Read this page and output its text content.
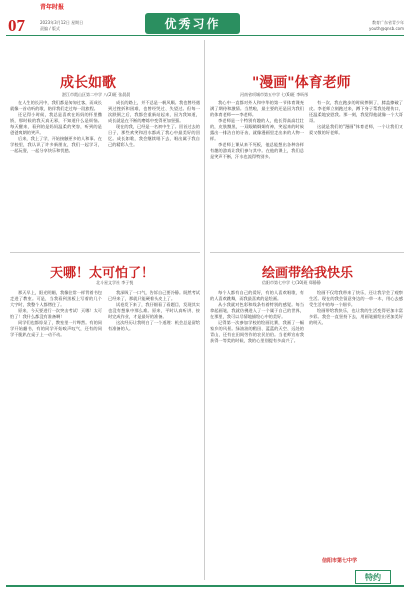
青年时报
07	2023年3月12日 星期日
责编 / 版式	优秀习作	教育广东省青少年
youth@qnsb.com
成长如歌
湛江市霞山区第二中学 八(2)班 张晨晨

在人生的长河中，我们都是匆匆过客，而成长就像一首动听的歌，陪伴我们走过每一段旅程。

还记得小时候，我总是喜欢在妈妈的怀里撒娇，那时候的我天真无邪，不知道什么是烦恼。每天醒来，看到的是妈妈温柔的笑容，听到的是爸爸爽朗的笑声。

后来，我上了学，开始接触更多的人和事。在学校里，我认识了许多新朋友，我们一起学习，一起玩耍，一起分享快乐和忧愁。

成长的路上，并不总是一帆风顺。我也曾经遇到过挫折和困难，也曾经哭过、失望过。但每一次跌倒之后，我都会重新站起来，因为我知道，成长就是在不断的磨练中变得更加坚强。

现在的我，已经是一名初中生了。回首过去的日子，那些欢笑和泪水都成了我心中最美好的回忆。成长如歌，我会继续唱下去，唱出属于我自己的精彩人生。

天哪！太可怕了！
北斗星文学社 李子悦

那天早上，阳光明媚，我像往常一样背着书包走进了教室。可是，当我看到黑板上写着的几个大字时，我整个人都愣住了。

原来，今天要进行一次突击考试！天哪！太可怕了！我什么都没有准备啊！

同学们也都惊呆了，教室里一片哗然。有的同学开始翻书，有的同学开始唉声叹气，还有的同学干脆趴在桌子上一动不动。

我深吸了一口气，告诉自己要冷静。既然考试已经来了，那就只能硬着头皮上了。

试卷发下来了，我仔细看了看题目，发现其实也没有想象中那么难。原来，平时认真听讲、按时完成作业，才是最好的准备。

这次经历让我明白了一个道理：机会总是留给有准备的人。

"漫画"体育老师
河南省项城市第五中学 七(6)班 李昕彤

我心中一直都对外人和中华的第一节体育课充满了期待和激情。当然啦，最主要的还是因为我们的体育老师——李老师。

李老师是一个特别有趣的人，他长得高高壮壮的，皮肤黝黑，一双眼睛炯炯有神，笑起来的时候露出一排洁白的牙齿，就像漫画里走出来的人物一样。

李老师上课从来不死板，他总能想出各种各样有趣的游戏让我们参与其中。在他的课上，我们总是笑声不断，汗水也流得特别多。

有一次，我在跑步的时候摔倒了，膝盖擦破了皮。李老师立刻跑过来，蹲下身子帮我处理伤口，还温柔地安慰我。那一刻，我觉得他就像一个大哥哥。

这就是我们的"漫画"体育老师，一个让我们又爱又敬的好老师。

绘画带给我快乐
信阳市第七中学 七(10)班 郑静静

每个人都有自己的爱好，有的人喜欢唱歌，有的人喜欢跳舞，而我最喜欢的是绘画。

从小我就对色彩和线条有着特别的感觉。每当拿起画笔，我就仿佛进入了一个属于自己的世界，在那里，我可以尽情地描绘心中的美好。

记得第一次参加学校的绘画比赛，我画了一幅家乡的风景。绿油油的稻田、蓝蓝的天空、远处的青山，还有在田间劳作的农民伯伯。当老师宣布我获得一等奖的时候，我的心里别提有多高兴了。

绘画不仅给我带来了快乐，还让我学会了观察生活。现在的我会留意身边的一草一木，用心去感受生活中的每一个细节。

绘画带给我快乐，也让我的生活变得更加丰富多彩。我会一直坚持下去，用画笔描绘出更加美好的明天。

信阳市第七中学
特约
